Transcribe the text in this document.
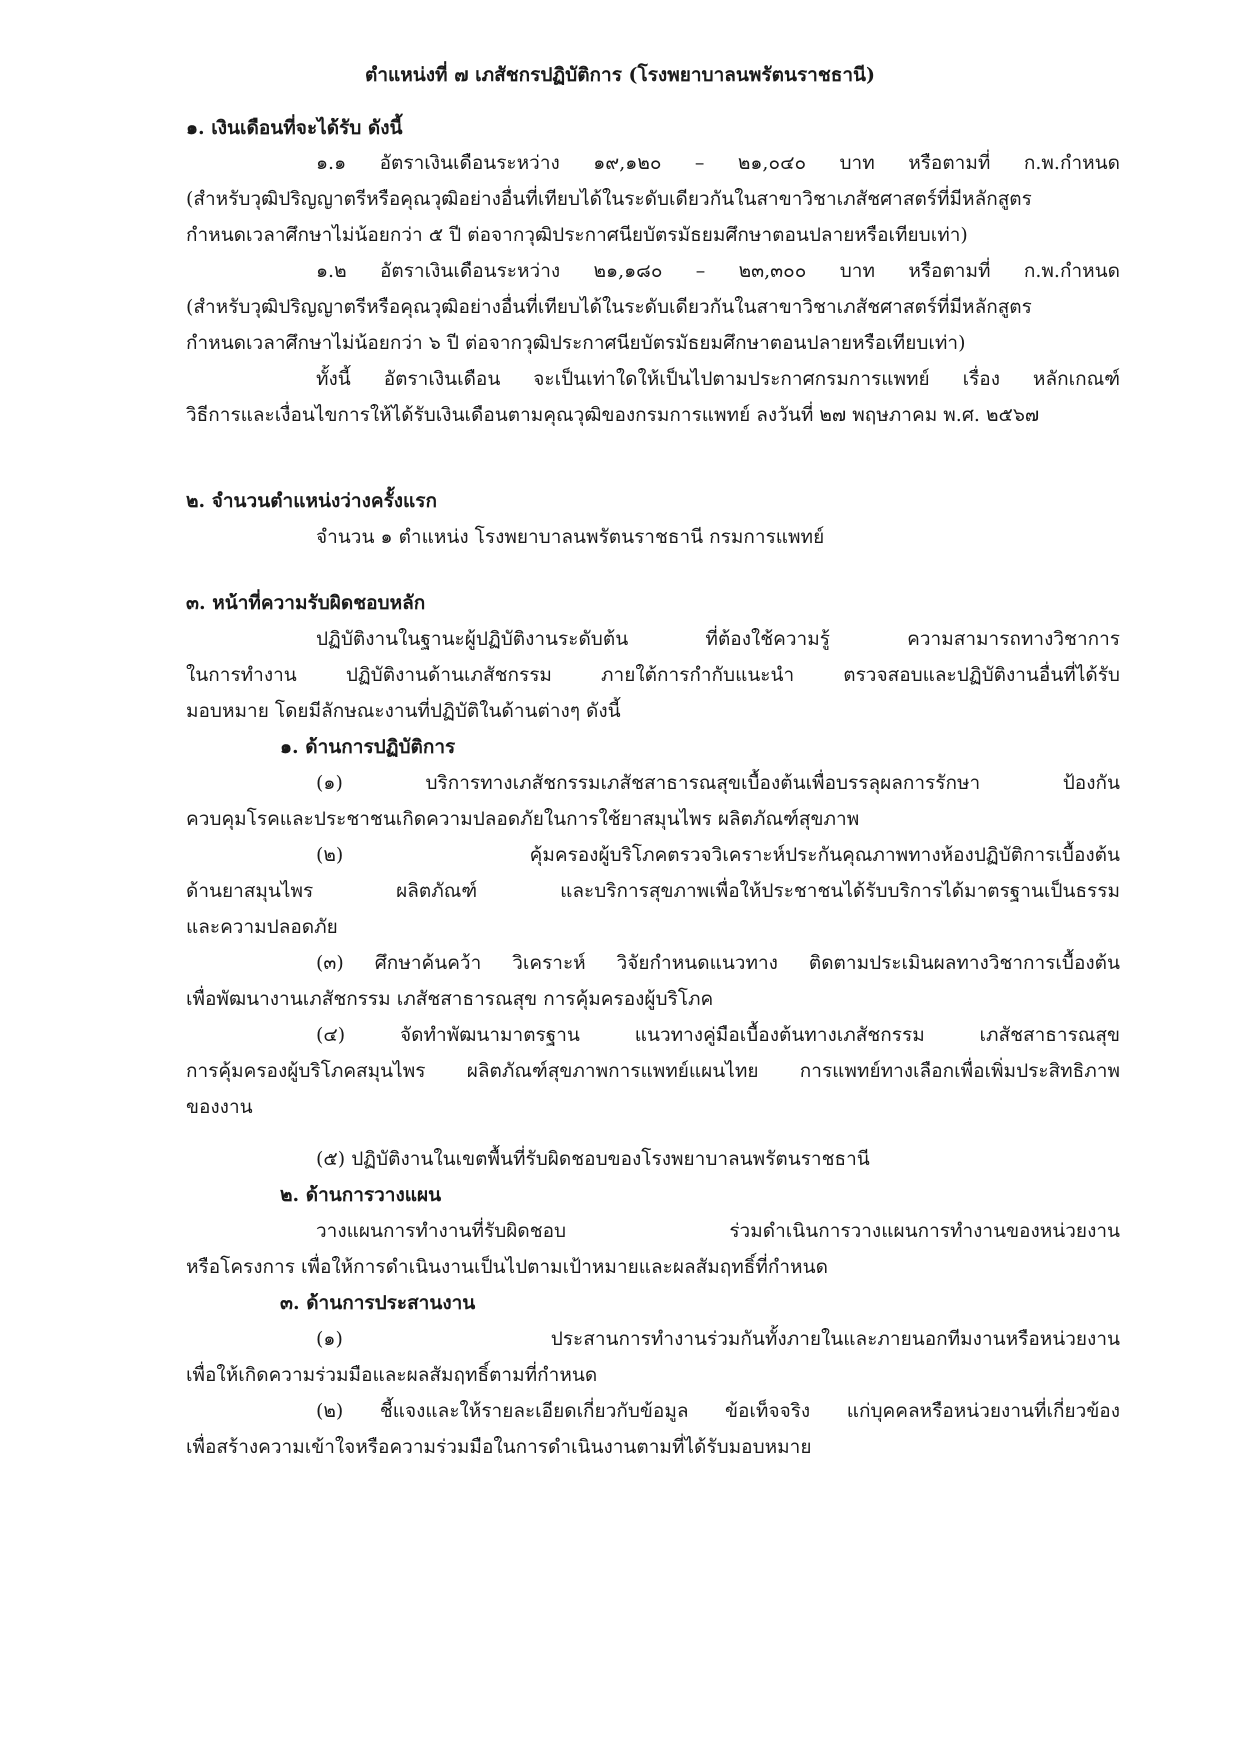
ตำแหน่งที่ ๗ เภสัชกรปฏิบัติการ (โรงพยาบาลนพรัตนราชธานี)
๑. เงินเดือนที่จะได้รับ ดังนี้
๑.๑ อัตราเงินเดือนระหว่าง ๑๙,๑๒๐ – ๒๑,๐๔๐ บาท หรือตามที่ ก.พ.กำหนด
(สำหรับวุฒิปริญญาตรีหรือคุณวุฒิอย่างอื่นที่เทียบได้ในระดับเดียวกันในสาขาวิชาเภสัชศาสตร์ที่มีหลักสูตร
กำหนดเวลาศึกษาไม่น้อยกว่า ๕ ปี ต่อจากวุฒิประกาศนียบัตรมัธยมศึกษาตอนปลายหรือเทียบเท่า)
๑.๒ อัตราเงินเดือนระหว่าง ๒๑,๑๘๐ – ๒๓,๓๐๐ บาท หรือตามที่ ก.พ.กำหนด
(สำหรับวุฒิปริญญาตรีหรือคุณวุฒิอย่างอื่นที่เทียบได้ในระดับเดียวกันในสาขาวิชาเภสัชศาสตร์ที่มีหลักสูตร
กำหนดเวลาศึกษาไม่น้อยกว่า ๖ ปี ต่อจากวุฒิประกาศนียบัตรมัธยมศึกษาตอนปลายหรือเทียบเท่า)
ทั้งนี้ อัตราเงินเดือน จะเป็นเท่าใดให้เป็นไปตามประกาศกรมการแพทย์ เรื่อง หลักเกณฑ์
วิธีการและเงื่อนไขการให้ได้รับเงินเดือนตามคุณวุฒิของกรมการแพทย์ ลงวันที่ ๒๗ พฤษภาคม พ.ศ. ๒๕๖๗
๒. จำนวนตำแหน่งว่างครั้งแรก
จำนวน ๑ ตำแหน่ง โรงพยาบาลนพรัตนราชธานี กรมการแพทย์
๓. หน้าที่ความรับผิดชอบหลัก
ปฏิบัติงานในฐานะผู้ปฏิบัติงานระดับต้น ที่ต้องใช้ความรู้ ความสามารถทางวิชาการ
ในการทำงาน ปฏิบัติงานด้านเภสัชกรรม ภายใต้การกำกับแนะนำ ตรวจสอบและปฏิบัติงานอื่นที่ได้รับ
มอบหมาย โดยมีลักษณะงานที่ปฏิบัติในด้านต่างๆ ดังนี้
๑. ด้านการปฏิบัติการ
(๑) บริการทางเภสัชกรรมเภสัชสาธารณสุขเบื้องต้นเพื่อบรรลุผลการรักษา ป้องกัน
ควบคุมโรคและประชาชนเกิดความปลอดภัยในการใช้ยาสมุนไพร ผลิตภัณฑ์สุขภาพ
(๒) คุ้มครองผู้บริโภคตรวจวิเคราะห์ประกันคุณภาพทางห้องปฏิบัติการเบื้องต้น
ด้านยาสมุนไพร ผลิตภัณฑ์ และบริการสุขภาพเพื่อให้ประชาชนได้รับบริการได้มาตรฐานเป็นธรรม
และความปลอดภัย
(๓) ศึกษาค้นคว้า วิเคราะห์ วิจัยกำหนดแนวทาง ติดตามประเมินผลทางวิชาการเบื้องต้น
เพื่อพัฒนางานเภสัชกรรม เภสัชสาธารณสุข การคุ้มครองผู้บริโภค
(๔) จัดทำพัฒนามาตรฐาน แนวทางคู่มือเบื้องต้นทางเภสัชกรรม เภสัชสาธารณสุข
การคุ้มครองผู้บริโภคสมุนไพร ผลิตภัณฑ์สุขภาพการแพทย์แผนไทย การแพทย์ทางเลือกเพื่อเพิ่มประสิทธิภาพ
ของงาน
(๕) ปฏิบัติงานในเขตพื้นที่รับผิดชอบของโรงพยาบาลนพรัตนราชธานี
๒. ด้านการวางแผน
วางแผนการทำงานที่รับผิดชอบ ร่วมดำเนินการวางแผนการทำงานของหน่วยงาน
หรือโครงการ เพื่อให้การดำเนินงานเป็นไปตามเป้าหมายและผลสัมฤทธิ์ที่กำหนด
๓. ด้านการประสานงาน
(๑) ประสานการทำงานร่วมกันทั้งภายในและภายนอกทีมงานหรือหน่วยงาน
เพื่อให้เกิดความร่วมมือและผลสัมฤทธิ์ตามที่กำหนด
(๒) ชี้แจงและให้รายละเอียดเกี่ยวกับข้อมูล ข้อเท็จจริง แก่บุคคลหรือหน่วยงานที่เกี่ยวข้อง
เพื่อสร้างความเข้าใจหรือความร่วมมือในการดำเนินงานตามที่ได้รับมอบหมาย
